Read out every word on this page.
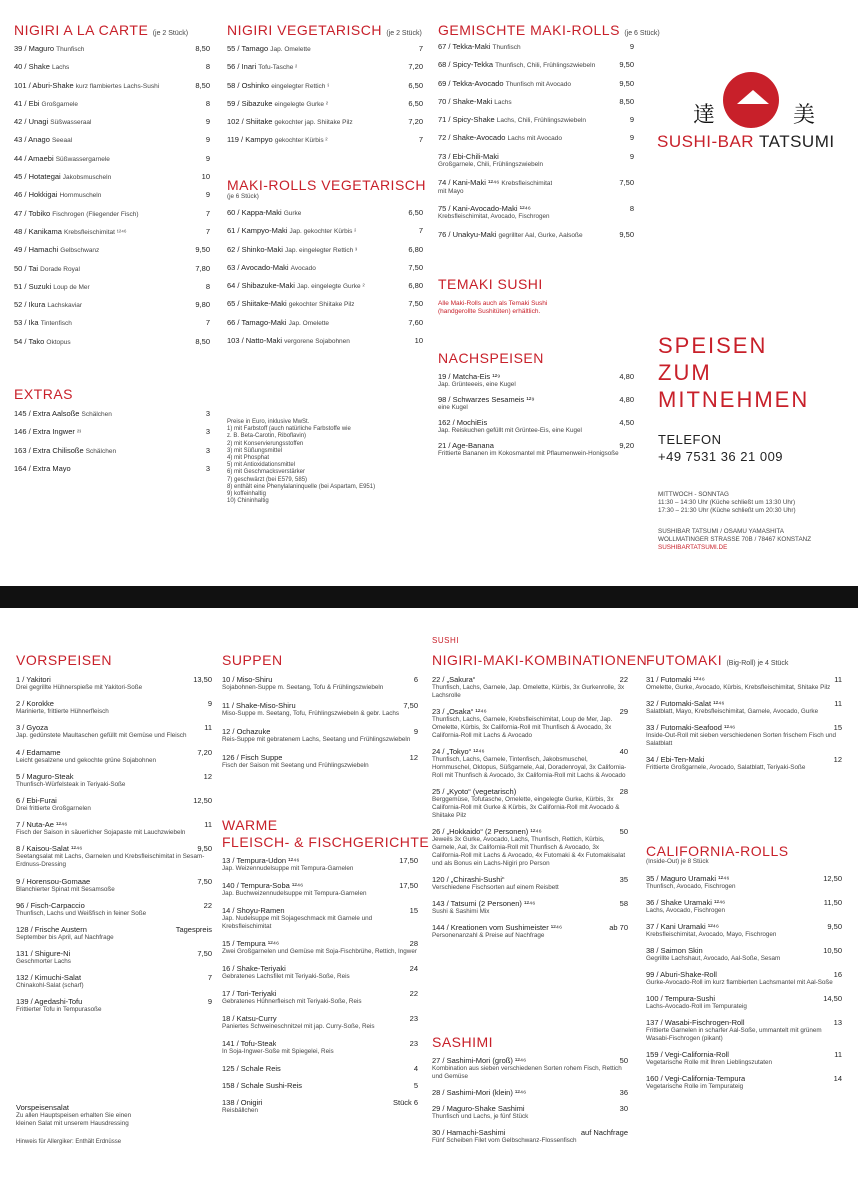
NIGIRI A LA CARTE (je 2 Stück)
39 / Maguro Thunfisch	8,50
40 / Shake Lachs	8
101 / Aburi-Shake kurz flambiertes Lachs-Sushi	8,50
41 / Ebi Großgarnele	8
42 / Unagi Süßwasseraal	9
43 / Anago Seeaal	9
44 / Amaebi Süßwassergarnele	9
45 / Hotategai Jakobsmuscheln	10
46 / Hokkigai Hornmuscheln	9
47 / Tobiko Fischrogen (Fliegender Fisch)	7
48 / Kanikama Krebsfleischimitat ¹²⁴⁶	7
49 / Hamachi Gelbschwanz	9,50
50 / Tai Dorade Royal	7,80
51 / Suzuki Loup de Mer	8
52 / Ikura Lachskaviar	9,80
53 / Ika Tintenfisch	7
54 / Tako Oktopus	8,50
EXTRAS
145 / Extra Aalsoße Schälchen	3
146 / Extra Ingwer ²³	3
163 / Extra Chilisoße Schälchen	3
164 / Extra Mayo	3
NIGIRI VEGETARISCH (je 2 Stück)
55 / Tamago Jap. Omelette	7
56 / Inari Tofu-Tasche ²	7,20
58 / Oshinko eingelegter Rettich ³	6,50
59 / Sibazuke eingelegte Gurke ²	6,50
102 / Shiitake gekochter jap. Shiitake Pilz	7,20
119 / Kampyo gekochter Kürbis ²	7
MAKI-ROLLS VEGETARISCH
(je 6 Stück)
60 / Kappa-Maki Gurke	6,50
61 / Kampyo-Maki Jap. gekochter Kürbis ²	7
62 / Shinko-Maki Jap. eingelegter Rettich ³	6,80
63 / Avocado-Maki Avocado	7,50
64 / Shibazuke-Maki Jap. eingelegte Gurke ²	6,80
65 / Shiitake-Maki gekochter Shiitake Pilz	7,50
66 / Tamago-Maki Jap. Omelette	7,60
103 / Natto-Maki vergorene Sojabohnen	10
Preise in Euro, inklusive MwSt.
1) mit Farbstoff (auch natürliche Farbstoffe wie
z. B. Beta-Carotin, Riboflavin)
2) mit Konservierungsstoffen
3) mit Süßungsmittel
4) mit Phosphat
5) mit Antioxidationsmittel
6) mit Geschmacksverstärker
7) geschwärzt (bei E579, 585)
8) enthält eine Phenylalaninquelle (bei Aspartam, E951)
9) koffeinhaltig
10) Chininhaltig
GEMISCHTE MAKI-ROLLS (je 6 Stück)
67 / Tekka-Maki Thunfisch	9
68 / Spicy-Tekka Thunfisch, Chili, Frühlingszwiebeln	9,50
69 / Tekka-Avocado Thunfisch mit Avocado	9,50
70 / Shake-Maki Lachs	8,50
71 / Spicy-Shake Lachs, Chili, Frühlingszwiebeln	9
72 / Shake-Avocado Lachs mit Avocado	9
73 / Ebi-Chili-Maki	9
Großgarnele, Chili, Frühlingszwiebeln
74 / Kani-Maki ¹²⁴⁶ Krebsfleischimitat	7,50
mit Mayo
75 / Kani-Avocado-Maki ¹²⁴⁶	8
Krebsfleischimitat, Avocado, Fischrogen
76 / Unakyu-Maki gegrillter Aal, Gurke, Aalsoße	9,50
TEMAKI SUSHI
Alle Maki-Rolls auch als Temaki Sushi
(handgerollte Sushitüten) erhältlich.
NACHSPEISEN
19 / Matcha-Eis ¹²⁹	4,80
Jap. Grünteeeis, eine Kugel
98 / Schwarzes Sesameis ¹²⁹	4,80
eine Kugel
162 / MochiEis	4,50
Jap. Reiskuchen gefüllt mit Grüntee-Eis, eine Kugel
21 / Age-Banana	9,20
Frittierte Bananen im Kokosmantel mit Pflaumenwein-Honigsoße
達	美
SUSHI-BAR TATSUMI
SPEISEN
ZUM
MITNEHMEN
TELEFON
+49 7531 36 21 009
MITTWOCH - SONNTAG
11:30 – 14:30 Uhr (Küche schließt um 13:30 Uhr)
17:30 – 21:30 Uhr (Küche schließt um 20:30 Uhr)
SUSHIBAR TATSUMI / OSAMU YAMASHITA
WOLLMATINGER STRASSE 70B / 78467 KONSTANZ
SUSHIBARTATSUMI.DE
VORSPEISEN
1 / Yakitori	13,50
Drei gegrillte Hühnerspieße mit Yakitori-Soße
2 / Korokke	9
Marinierte, frittierte Hühnerfleisch
3 / Gyoza	11
Jap. gedünstete Maultaschen gefüllt mit Gemüse und Fleisch
4 / Edamame	7,20
Leicht gesalzene und gekochte grüne Sojabohnen
5 / Maguro-Steak	12
Thunfisch-Würfelsteak in Teriyaki-Soße
6 / Ebi-Furai	12,50
Drei frittierte Großgarnelen
7 / Nuta-Ae ¹²⁴⁶	11
Fisch der Saison in säuerlicher Sojapaste mit Lauchzwiebeln
8 / Kaisou-Salat ¹²⁴⁶	9,50
Seetangsalat mit Lachs, Garnelen und Krebsfleischimitat in Sesam-Erdnuss-Dressing
9 / Horensou-Gomaae	7,50
Blanchierter Spinat mit Sesamsoße
96 / Fisch-Carpaccio	22
Thunfisch, Lachs und Weißfisch in feiner Soße
128 / Frische Austern	Tagespreis
September bis April, auf Nachfrage
131 / Shigure-Ni	7,50
Geschmorter Lachs
132 / Kimuchi-Salat	7
Chinakohl-Salat (scharf)
139 / Agedashi-Tofu	9
Frittierter Tofu in Tempurasoße
Vorspeisensalat
Zu allen Hauptspeisen erhalten Sie einen
kleinen Salat mit unserem Hausdressing
Hinweis für Allergiker: Enthält Erdnüsse
SUPPEN
10 / Miso-Shiru	6
Sojabohnen-Suppe m. Seetang, Tofu & Frühlingszwiebeln
11 / Shake-Miso-Shiru	7,50
Miso-Suppe m. Seetang, Tofu, Frühlingszwiebeln & gebr. Lachs
12 / Ochazuke	9
Reis-Suppe mit gebratenem Lachs, Seetang und Frühlingszwiebeln
126 / Fisch Suppe	12
Fisch der Saison mit Seetang und Frühlingszwiebeln
WARME
FLEISCH- & FISCHGERICHTE
13 / Tempura-Udon ¹²⁴⁶	17,50
Jap. Weizennudelsuppe mit Tempura-Garnelen
140 / Tempura-Soba ¹²⁴⁶	17,50
Jap. Buchweizennudelsuppe mit Tempura-Garnelen
14 / Shoyu-Ramen	15
Jap. Nudelsuppe mit Sojageschmack mit Garnele und Krebsfleischimitat
15 / Tempura ¹²⁴⁶	28
Zwei Großgarnelen und Gemüse mit Soja-Fischbrühe, Rettich, Ingwer
16 / Shake-Teriyaki	24
Gebratenes Lachsfilet mit Teriyaki-Soße, Reis
17 / Tori-Teriyaki	22
Gebratenes Hühnerfleisch mit Teriyaki-Soße, Reis
18 / Katsu-Curry	23
Paniertes Schweineschnitzel mit jap. Curry-Soße, Reis
141 / Tofu-Steak	23
In Soja-Ingwer-Soße mit Spiegelei, Reis
125 / Schale Reis	4
158 / Schale Sushi-Reis	5
138 / Onigiri	Stück 6
Reisbällchen
SUSHI
NIGIRI-MAKI-KOMBINATIONEN
22 / „Sakura“	22
Thunfisch, Lachs, Garnele, Jap. Omelette, Kürbis, 3x Gurkenrolle, 3x Lachsrolle
23 / „Osaka“ ¹²⁴⁶	29
Thunfisch, Lachs, Garnele, Krebsfleischimitat, Loup de Mer, Jap. Omelette, Kürbis, 3x California-Roll mit Thunfisch & Avocado, 3x California-Roll mit Lachs & Avocado
24 / „Tokyo“ ¹²⁴⁶	40
Thunfisch, Lachs, Garnele, Tintenfisch, Jakobsmuschel, Hornmuschel, Oktopus, Süßgarnele, Aal, Doradenroyal, 3x California-Roll mit Thunfisch & Avocado, 3x California-Roll mit Lachs & Avocado
25 / „Kyoto“ (vegetarisch)	28
Berggemüse, Tofutasche, Omelette, eingelegte Gurke, Kürbis, 3x California-Roll mit Gurke & Kürbis, 3x California-Roll mit Avocado & Shiitake Pilz
26 / „Hokkaido“ (2 Personen) ¹²⁴⁶	50
Jeweils 3x Gurke, Avocado, Lachs, Thunfisch, Rettich, Kürbis, Garnele, Aal, 3x California-Roll mit Thunfisch & Avocado, 3x California-Roll mit Lachs & Avocado, 4x Futomaki & 4x Futomakisalat und als Bonus ein Lachs-Nigiri pro Person
120 / „Chirashi-Sushi“	35
Verschiedene Fischsorten auf einem Reisbett
143 / Tatsumi (2 Personen) ¹²⁴⁶	58
Sushi & Sashimi Mix
144 / Kreationen vom Sushimeister ¹²⁴⁶	ab 70
Personenanzahl & Preise auf Nachfrage
SASHIMI
27 / Sashimi-Mori (groß) ¹²⁴⁶	50
Kombination aus sieben verschiedenen Sorten rohem Fisch, Rettich und Gemüse
28 / Sashimi-Mori (klein) ¹²⁴⁶	36
29 / Maguro-Shake Sashimi	30
Thunfisch und Lachs, je fünf Stück
30 / Hamachi-Sashimi	auf Nachfrage
Fünf Scheiben Filet vom Gelbschwanz-Flossenfisch
FUTOMAKI (Big-Roll) je 4 Stück
31 / Futomaki ¹²⁴⁶	11
Omelette, Gurke, Avocado, Kürbis, Krebsfleischimitat, Shitake Pilz
32 / Futomaki-Salat ¹²⁴⁶	11
Salatblatt, Mayo, Krebsfleischimitat, Garnele, Avocado, Gurke
33 / Futomaki-Seafood ¹²⁴⁶	15
Inside-Out-Roll mit sieben verschiedenen Sorten frischem Fisch und Salatblatt
34 / Ebi-Ten-Maki	12
Frittierte Großgarnele, Avocado, Salatblatt, Teriyaki-Soße
CALIFORNIA-ROLLS
(Inside-Out) je 8 Stück
35 / Maguro Uramaki ¹²⁴⁶	12,50
Thunfisch, Avocado, Fischrogen
36 / Shake Uramaki ¹²⁴⁶	11,50
Lachs, Avocado, Fischrogen
37 / Kani Uramaki ¹²⁴⁶	9,50
Krebsfleischimitat, Avocado, Mayo, Fischrogen
38 / Saimon Skin	10,50
Gegrillte Lachshaut, Avocado, Aal-Soße, Sesam
99 / Aburi-Shake-Roll	16
Gurke-Avocado-Roll im kurz flambierten Lachsmantel mit Aal-Soße
100 / Tempura-Sushi	14,50
Lachs-Avocado-Roll im Tempurateig
137 / Wasabi-Fischrogen-Roll	13
Frittierte Garnelen in scharfer Aal-Soße, ummantelt mit grünem Wasabi-Fischrogen (pikant)
159 / Vegi-California-Roll	11
Vegetarische Rolle mit Ihren Lieblingszutaten
160 / Vegi-California-Tempura	14
Vegetarische Rolle im Tempurateig
